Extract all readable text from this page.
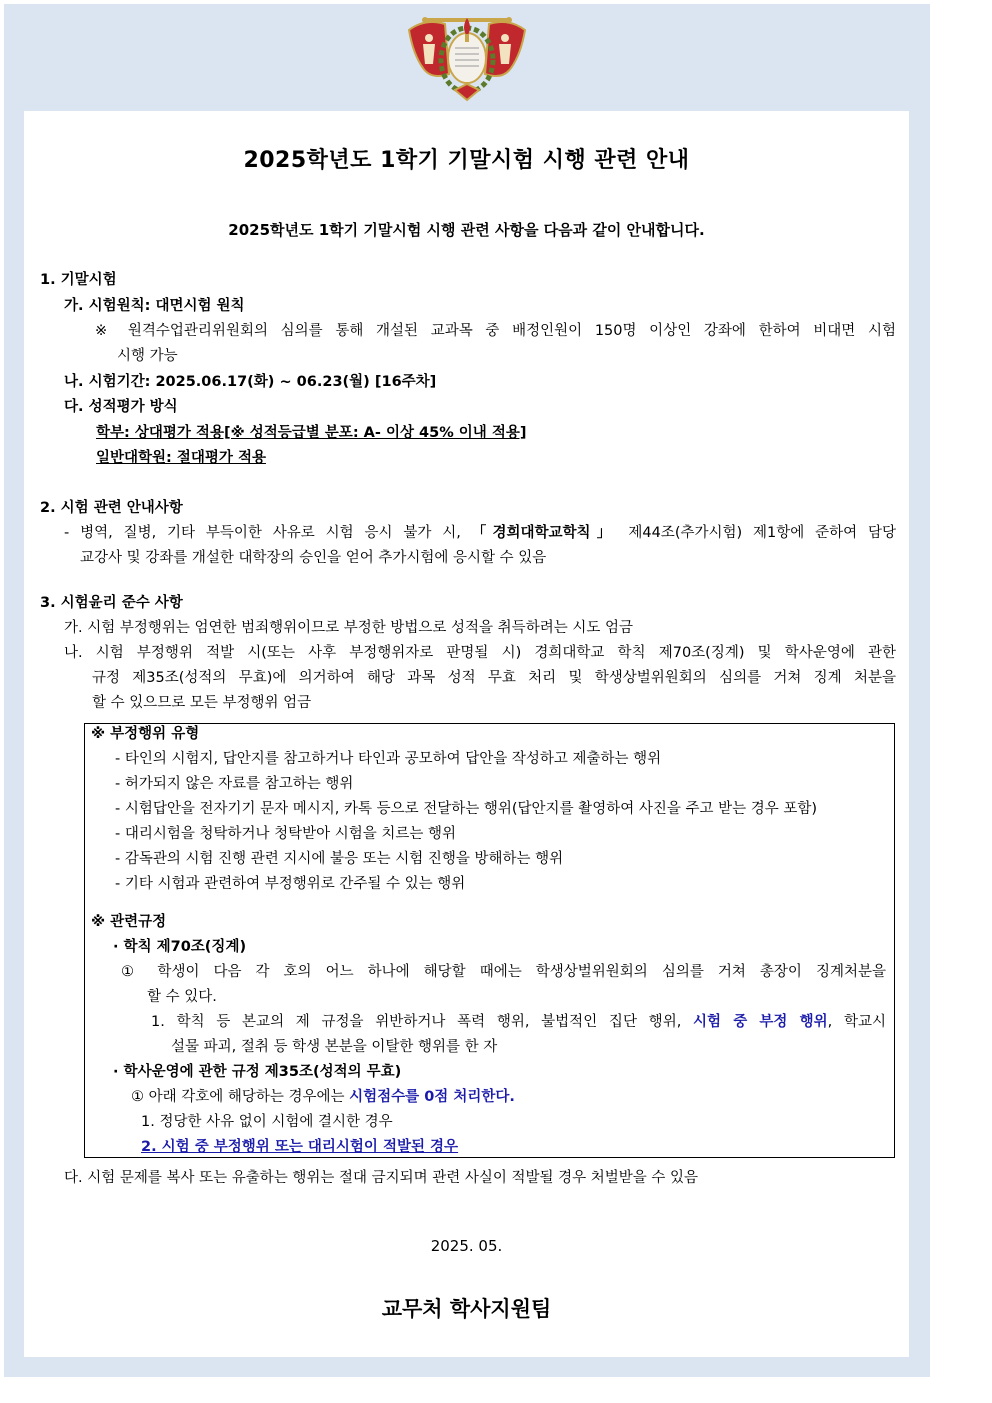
2025학년도 1학기 기말시험 시행 관련 안내
2025학년도 1학기 기말시험 시행 관련 사항을 다음과 같이 안내합니다.
1. 기말시험
가. 시험원칙: 대면시험 원칙
※ 원격수업관리위원회의 심의를 통해 개설된 교과목 중 배정인원이 150명 이상인 강좌에 한하여 비대면 시험
시행 가능
나. 시험기간: 2025.06.17(화) ~ 06.23(월) [16주차]
다. 성적평가 방식
학부: 상대평가 적용[※ 성적등급별 분포: A- 이상 45% 이내 적용]
일반대학원: 절대평가 적용
2. 시험 관련 안내사항
- 병역, 질병, 기타 부득이한 사유로 시험 응시 불가 시, 「경희대학교학칙」 제44조(추가시험) 제1항에 준하여 담당
교강사 및 강좌를 개설한 대학장의 승인을 얻어 추가시험에 응시할 수 있음
3. 시험윤리 준수 사항
가. 시험 부정행위는 엄연한 범죄행위이므로 부정한 방법으로 성적을 취득하려는 시도 엄금
나. 시험 부정행위 적발 시(또는 사후 부정행위자로 판명될 시) 경희대학교 학칙 제70조(징계) 및 학사운영에 관한
규정 제35조(성적의 무효)에 의거하여 해당 과목 성적 무효 처리 및 학생상벌위원회의 심의를 거쳐 징계 처분을
할 수 있으므로 모든 부정행위 엄금
※ 부정행위 유형
- 타인의 시험지, 답안지를 참고하거나 타인과 공모하여 답안을 작성하고 제출하는 행위
- 허가되지 않은 자료를 참고하는 행위
- 시험답안을 전자기기 문자 메시지, 카톡 등으로 전달하는 행위(답안지를 촬영하여 사진을 주고 받는 경우 포함)
- 대리시험을 청탁하거나 청탁받아 시험을 치르는 행위
- 감독관의 시험 진행 관련 지시에 불응 또는 시험 진행을 방해하는 행위
- 기타 시험과 관련하여 부정행위로 간주될 수 있는 행위
※ 관련규정
· 학칙 제70조(징계)
① 학생이 다음 각 호의 어느 하나에 해당할 때에는 학생상벌위원회의 심의를 거쳐 총장이 징계처분을
할 수 있다.
1. 학칙 등 본교의 제 규정을 위반하거나 폭력 행위, 불법적인 집단 행위, 시험 중 부정 행위, 학교시
설물 파괴, 절취 등 학생 본분을 이탈한 행위를 한 자
· 학사운영에 관한 규정 제35조(성적의 무효)
① 아래 각호에 해당하는 경우에는 시험점수를 0점 처리한다.
1. 정당한 사유 없이 시험에 결시한 경우
2. 시험 중 부정행위 또는 대리시험이 적발된 경우
다. 시험 문제를 복사 또는 유출하는 행위는 절대 금지되며 관련 사실이 적발될 경우 처벌받을 수 있음
2025. 05.
교무처 학사지원팀
